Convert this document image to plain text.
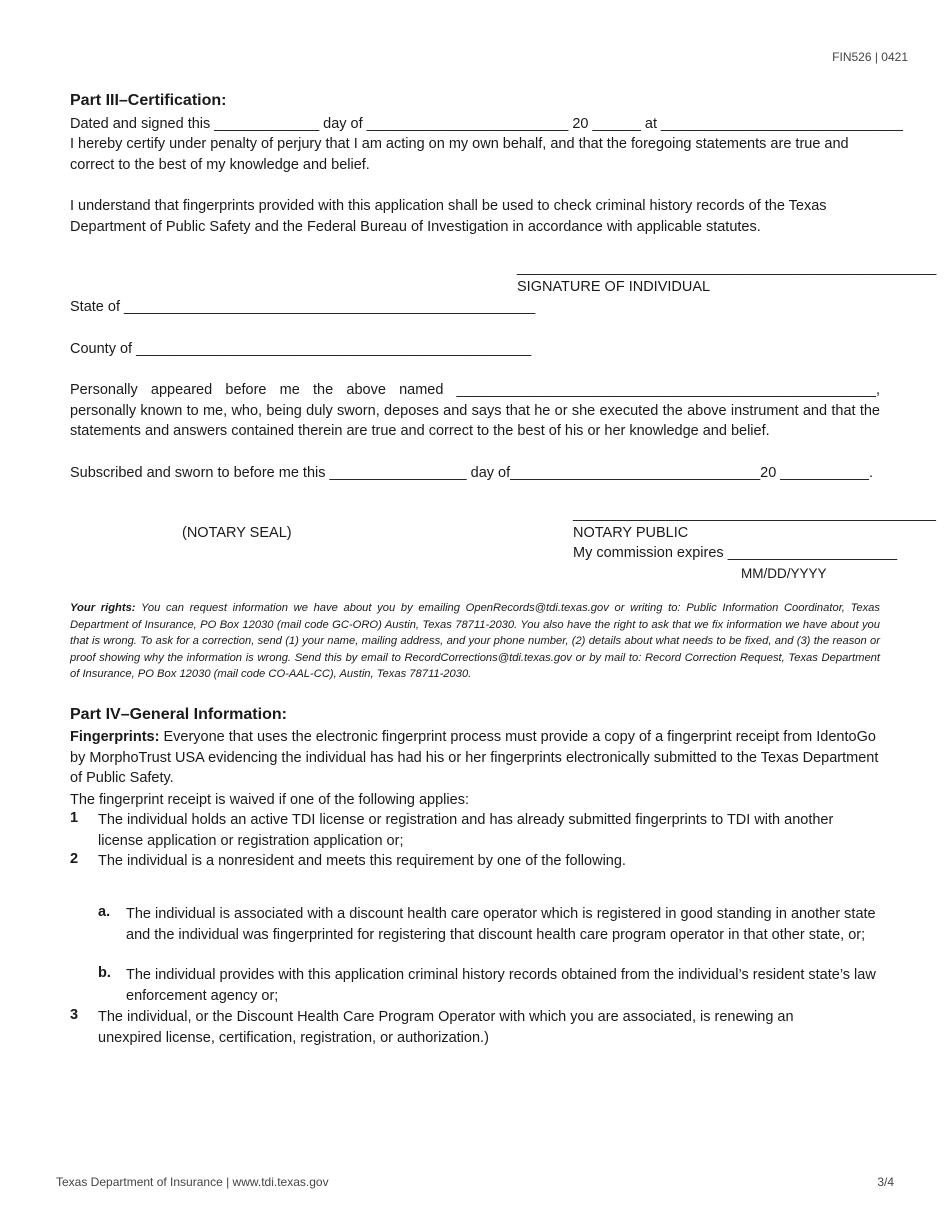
FIN526 | 0421
Part III–Certification:
Dated and signed this _____________ day of _________________________ 20 ______ at ______________________________
I hereby certify under penalty of perjury that I am acting on my own behalf, and that the foregoing statements are true and correct to the best of my knowledge and belief.
I understand that fingerprints provided with this application shall be used to check criminal history records of the Texas Department of Public Safety and the Federal Bureau of Investigation in accordance with applicable statutes.
____________________________________________________
SIGNATURE OF INDIVIDUAL
State of ___________________________________________________
County of _________________________________________________
Personally appeared before me the above named ____________________________________________________, personally known to me, who, being duly sworn, deposes and says that he or she executed the above instrument and that the statements and answers contained therein are true and correct to the best of his or her knowledge and belief.
Subscribed and sworn to before me this _________________ day of_______________________________20 ___________.
_____________________________________________
(NOTARY SEAL)	NOTARY PUBLIC
My commission expires _____________________
MM/DD/YYYY
Your rights: You can request information we have about you by emailing OpenRecords@tdi.texas.gov or writing to: Public Information Coordinator, Texas Department of Insurance, PO Box 12030 (mail code GC-ORO) Austin, Texas 78711-2030. You also have the right to ask that we fix information we have about you that is wrong. To ask for a correction, send (1) your name, mailing address, and your phone number, (2) details about what needs to be fixed, and (3) the reason or proof showing why the information is wrong. Send this by email to RecordCorrections@tdi.texas.gov or by mail to: Record Correction Request, Texas Department of Insurance, PO Box 12030 (mail code CO-AAL-CC), Austin, Texas 78711-2030.
Part IV–General Information:
Fingerprints: Everyone that uses the electronic fingerprint process must provide a copy of a fingerprint receipt from IdentoGo by MorphoTrust USA evidencing the individual has had his or her fingerprints electronically submitted to the Texas Department of Public Safety.
The fingerprint receipt is waived if one of the following applies:
1 The individual holds an active TDI license or registration and has already submitted fingerprints to TDI with another license application or registration application or;
2 The individual is a nonresident and meets this requirement by one of the following.
a. The individual is associated with a discount health care operator which is registered in good standing in another state and the individual was fingerprinted for registering that discount health care program operator in that other state, or;
b. The individual provides with this application criminal history records obtained from the individual’s resident state’s law enforcement agency or;
3 The individual, or the Discount Health Care Program Operator with which you are associated, is renewing an unexpired license, certification, registration, or authorization.)
Texas Department of Insurance | www.tdi.texas.gov	3/4
